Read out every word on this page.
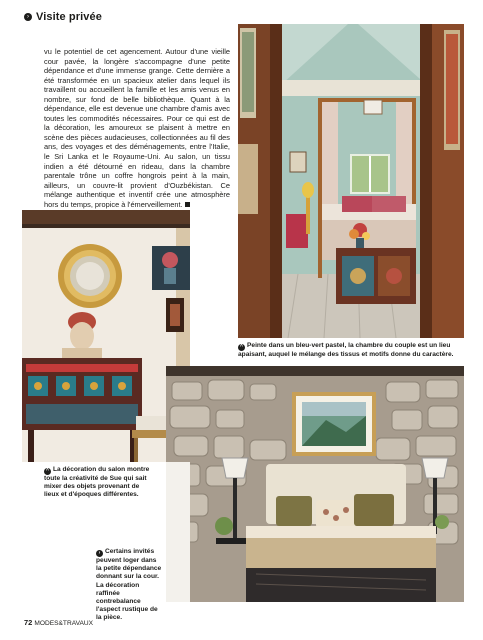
› Visite privée
vu le potentiel de cet agencement. Autour d'une vieille cour pavée, la longère s'accompagne d'une petite dépendance et d'une immense grange. Cette dernière a été transformée en un spacieux atelier dans lequel ils travaillent ou accueillent la famille et les amis venus en nombre, sur fond de belle bibliothèque. Quant à la dépendance, elle est devenue une chambre d'amis avec toutes les commodités nécessaires. Pour ce qui est de la décoration, les amoureux se plaisent à mettre en scène des pièces audacieuses, collectionnées au fil des ans, des voyages et des déménagements, entre l'Italie, le Sri Lanka et le Royaume-Uni. Au salon, un tissu indien a été détourné en rideau, dans la chambre parentale trône un coffre hongrois peint à la main, ailleurs, un couvre-lit provient d'Ouzbékistan. Ce mélange authentique et inventif crée une atmosphère hors du temps, propice à l'émerveillement.
^ Peinte dans un bleu-vert pastel, la chambre du couple est un lieu apaisant, auquel le mélange des tissus et motifs donne du caractère.
^ La décoration du salon montre toute la créativité de Sue qui sait mixer des objets provenant de lieux et d'époques différentes.
› Certains invités peuvent loger dans la petite dépendance donnant sur la cour. La décoration raffinée contrebalance l'aspect rustique de la pièce.
72 MODES&TRAVAUX
